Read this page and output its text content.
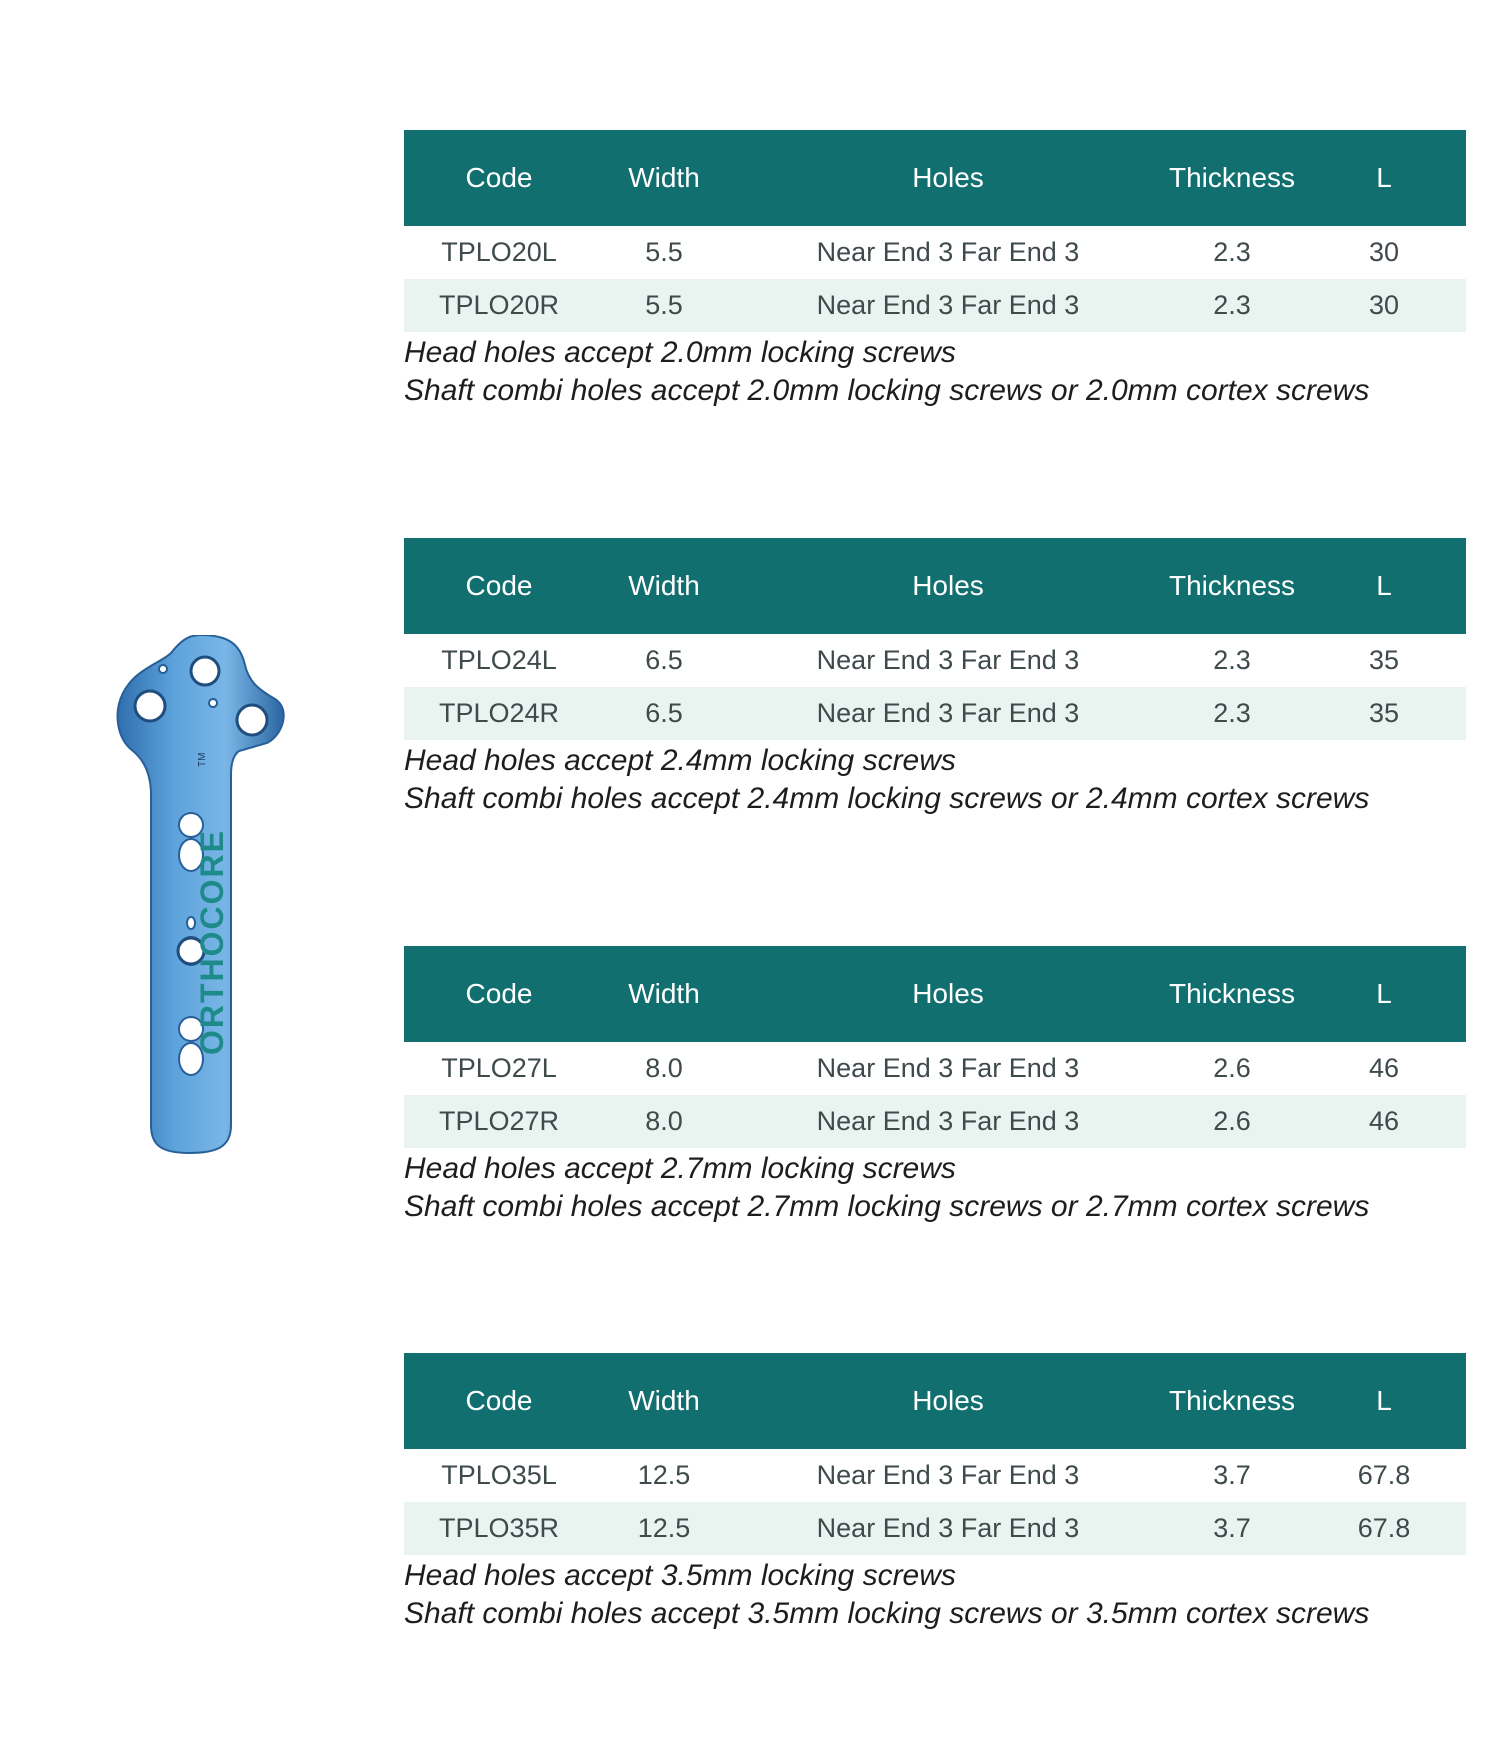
ORTHOCORE
TM
Code	Width	Holes	Thickness	L
TPLO20L	5.5	Near End 3 Far End 3	2.3	30
TPLO20R	5.5	Near End 3 Far End 3	2.3	30
Head holes accept 2.0mm locking screws
Shaft combi holes accept 2.0mm locking screws or 2.0mm cortex screws
Code	Width	Holes	Thickness	L
TPLO24L	6.5	Near End 3 Far End 3	2.3	35
TPLO24R	6.5	Near End 3 Far End 3	2.3	35
Head holes accept 2.4mm locking screws
Shaft combi holes accept 2.4mm locking screws or 2.4mm cortex screws
Code	Width	Holes	Thickness	L
TPLO27L	8.0	Near End 3 Far End 3	2.6	46
TPLO27R	8.0	Near End 3 Far End 3	2.6	46
Head holes accept 2.7mm locking screws
Shaft combi holes accept 2.7mm locking screws or 2.7mm cortex screws
Code	Width	Holes	Thickness	L
TPLO35L	12.5	Near End 3 Far End 3	3.7	67.8
TPLO35R	12.5	Near End 3 Far End 3	3.7	67.8
Head holes accept 3.5mm locking screws
Shaft combi holes accept 3.5mm locking screws or 3.5mm cortex screws
